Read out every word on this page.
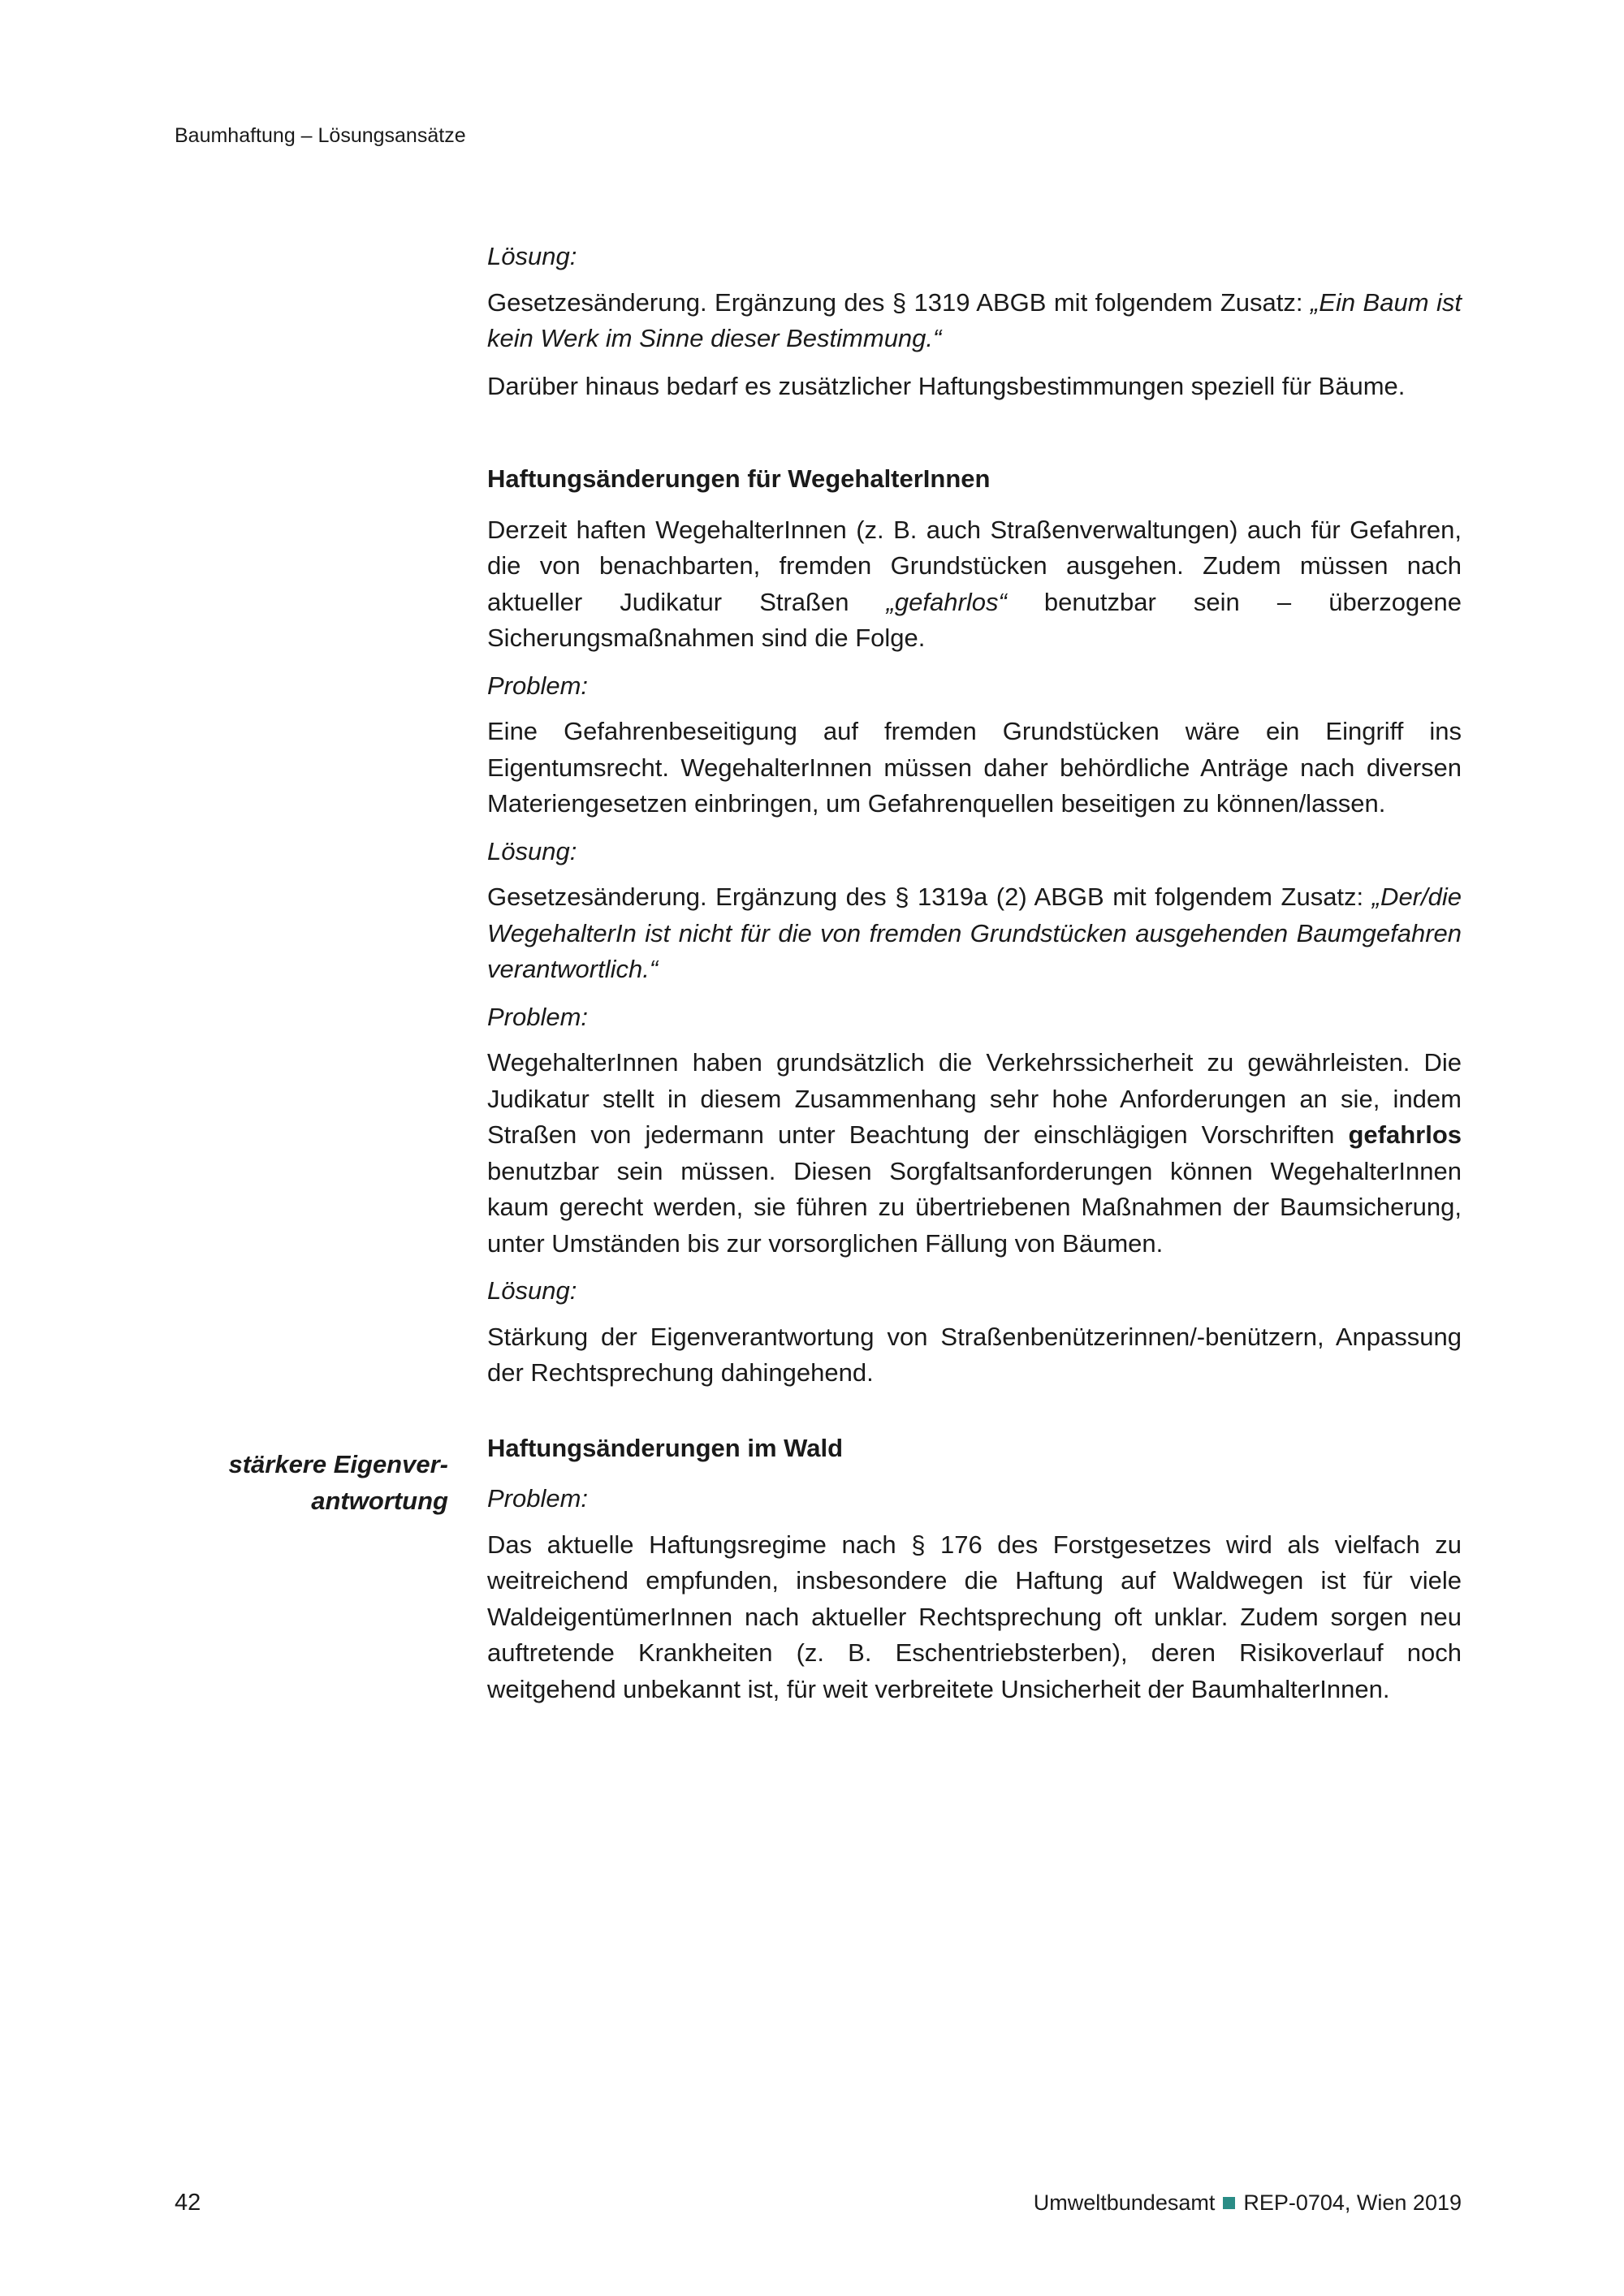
Baumhaftung – Lösungsansätze
stärkere Eigenver-
antwortung

Lösung:

Gesetzesänderung. Ergänzung des § 1319 ABGB mit folgendem Zusatz: „Ein Baum ist kein Werk im Sinne dieser Bestimmung.“

Darüber hinaus bedarf es zusätzlicher Haftungsbestimmungen speziell für Bäume.

Haftungsänderungen für WegehalterInnen

Derzeit haften WegehalterInnen (z. B. auch Straßenverwaltungen) auch für Gefahren, die von benachbarten, fremden Grundstücken ausgehen. Zudem müssen nach aktueller Judikatur Straßen „gefahrlos“ benutzbar sein – überzogene Sicherungsmaßnahmen sind die Folge.

Problem:

Eine Gefahrenbeseitigung auf fremden Grundstücken wäre ein Eingriff ins Eigentumsrecht. WegehalterInnen müssen daher behördliche Anträge nach diversen Materiengesetzen einbringen, um Gefahrenquellen beseitigen zu können/lassen.

Lösung:

Gesetzesänderung. Ergänzung des § 1319a (2) ABGB mit folgendem Zusatz: „Der/die WegehalterIn ist nicht für die von fremden Grundstücken ausgehenden Baumgefahren verantwortlich.“

Problem:

WegehalterInnen haben grundsätzlich die Verkehrssicherheit zu gewährleisten. Die Judikatur stellt in diesem Zusammenhang sehr hohe Anforderungen an sie, indem Straßen von jedermann unter Beachtung der einschlägigen Vorschriften gefahrlos benutzbar sein müssen. Diesen Sorgfaltsanforderungen können WegehalterInnen kaum gerecht werden, sie führen zu übertriebenen Maßnahmen der Baumsicherung, unter Umständen bis zur vorsorglichen Fällung von Bäumen.

Lösung:

Stärkung der Eigenverantwortung von Straßenbenützerinnen/-benützern, Anpassung der Rechtsprechung dahingehend.

Haftungsänderungen im Wald

Problem:

Das aktuelle Haftungsregime nach § 176 des Forstgesetzes wird als vielfach zu weitreichend empfunden, insbesondere die Haftung auf Waldwegen ist für viele WaldeigentümerInnen nach aktueller Rechtsprechung oft unklar. Zudem sorgen neu auftretende Krankheiten (z. B. Eschentriebsterben), deren Risikoverlauf noch weitgehend unbekannt ist, für weit verbreitete Unsicherheit der BaumhalterInnen.

42	Umweltbundesamt REP-0704, Wien 2019
